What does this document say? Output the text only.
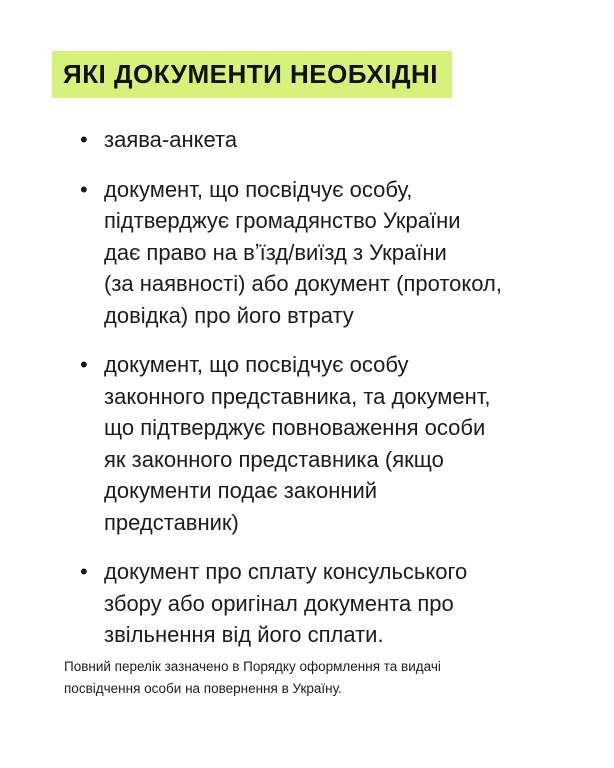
ЯКІ ДОКУМЕНТИ НЕОБХІДНІ
• заява-анкета
• документ, що посвідчує особу,
підтверджує громадянство України
дає право на вʼїзд/виїзд з України
(за наявності) або документ (протокол,
довідка) про його втрату
• документ, що посвідчує особу
законного представника, та документ,
що підтверджує повноваження особи
як законного представника (якщо
документи подає законний
представник)
• документ про сплату консульського
збору або оригінал документа про
звільнення від його сплати.
Повний перелік зазначено в Порядку оформлення та видачі
посвідчення особи на повернення в Україну.
